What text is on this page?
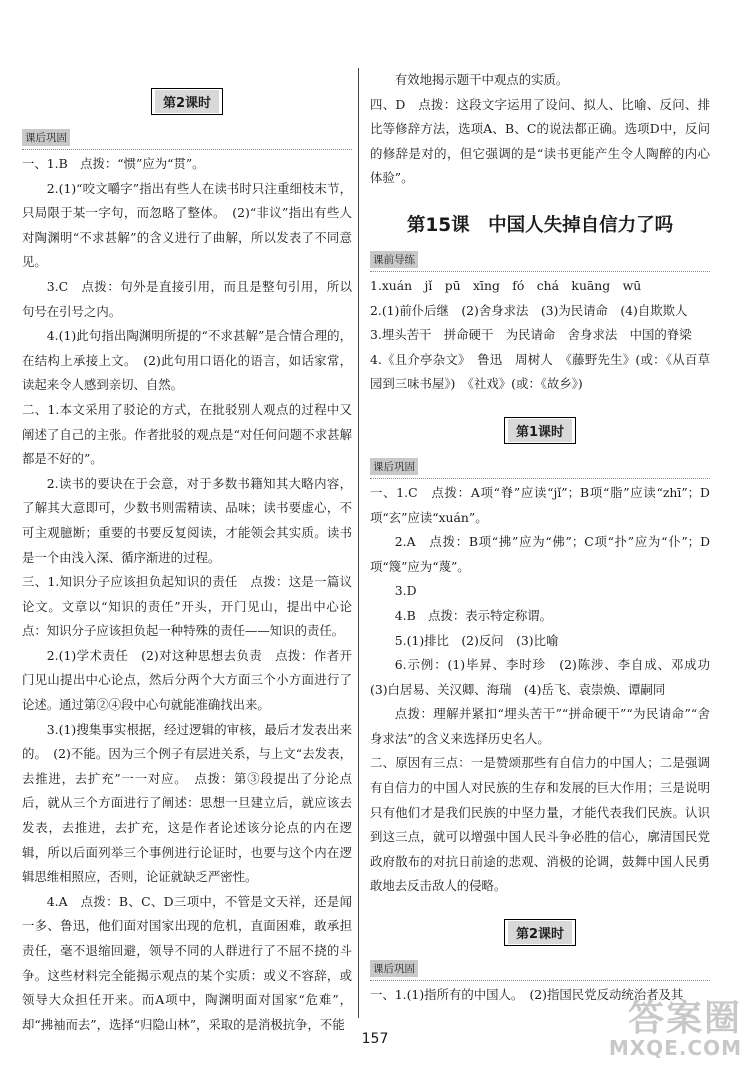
第2课时
课后巩固

一、1.B　点拨：“惯”应为“贯”。

2.(1)“咬文嚼字”指出有些人在读书时只注重细枝末节，只局限于某一字句，而忽略了整体。　(2)“非议”指出有些人对陶渊明“不求甚解”的含义进行了曲解，所以发表了不同意见。

3.C　点拨：句外是直接引用，而且是整句引用，所以句号在引号之内。

4.(1)此句指出陶渊明所提的“不求甚解”是合情合理的，在结构上承接上文。　(2)此句用口语化的语言，如话家常，读起来令人感到亲切、自然。

二、1.本文采用了驳论的方式，在批驳别人观点的过程中又阐述了自己的主张。作者批驳的观点是“对任何问题不求甚解都是不好的”。

2.读书的要诀在于会意，对于多数书籍知其大略内容，了解其大意即可，少数书则需精读、品味；读书要虚心，不可主观臆断；重要的书要反复阅读，才能领会其实质。读书是一个由浅入深、循序渐进的过程。

三、1.知识分子应该担负起知识的责任　点拨：这是一篇议论文。文章以“知识的责任”开头，开门见山，提出中心论点：知识分子应该担负起一种特殊的责任——知识的责任。

2.(1)学术责任　(2)对这种思想去负责　点拨：作者开门见山提出中心论点，然后分两个大方面三个小方面进行了论述。通过第②④段中心句就能准确找出来。

3.(1)搜集事实根据，经过逻辑的审核，最后才发表出来的。　(2)不能。因为三个例子有层进关系，与上文“去发表，去推进，去扩充”一一对应。　点拨：第③段提出了分论点后，就从三个方面进行了阐述：思想一旦建立后，就应该去发表，去推进，去扩充，这是作者论述该分论点的内在逻辑，所以后面列举三个事例进行论证时，也要与这个内在逻辑思维相照应，否则，论证就缺乏严密性。

4.A　点拨：B、C、D三项中，不管是文天祥，还是闻一多、鲁迅，他们面对国家出现的危机，直面困难，敢承担责任，毫不退缩回避，领导不同的人群进行了不屈不挠的斗争。这些材料完全能揭示观点的某个实质：或义不容辞，或领导大众担任开来。而A项中，陶渊明面对国家“危难”，却“拂袖而去”，选择“归隐山林”，采取的是消极抗争，不能

有效地揭示题干中观点的实质。

四、D　点拨：这段文字运用了设问、拟人、比喻、反问、排比等修辞方法，选项A、B、C的说法都正确。选项D中，反问的修辞是对的，但它强调的是“读书更能产生令人陶醉的内心体验”。

第15课　中国人失掉自信力了吗
课前导练

1.xuán　jǐ　pū　xīng　fó　chá　kuāng　wū

2.(1)前仆后继　(2)舍身求法　(3)为民请命　(4)自欺欺人

3.埋头苦干　拼命硬干　为民请命　舍身求法　中国的脊梁

4.《且介亭杂文》　鲁迅　周树人　《藤野先生》(或：《从百草园到三味书屋》)　《社戏》(或：《故乡》)

第1课时
课后巩固

一、1.C　点拨：A项“脊”应读“jǐ”；B项“脂”应读“zhī”；D项“玄”应读“xuán”。

2.A　点拨：B项“拂”应为“佛”；C项“扑”应为“仆”；D项“篾”应为“蔑”。

3.D

4.B　点拨：表示特定称谓。

5.(1)排比　(2)反问　(3)比喻

6.示例：(1)毕昇、李时珍　(2)陈涉、李自成、邓成功　(3)白居易、关汉卿、海瑞　(4)岳飞、袁崇焕、谭嗣同

点拨：理解并紧扣“埋头苦干”“拼命硬干”“为民请命”“舍身求法”的含义来选择历史名人。

二、原因有三点：一是赞颂那些有自信力的中国人；二是强调有自信力的中国人对民族的生存和发展的巨大作用；三是说明只有他们才是我们民族的中坚力量，才能代表我们民族。认识到这三点，就可以增强中国人民斗争必胜的信心，廓清国民党政府散布的对抗日前途的悲观、消极的论调，鼓舞中国人民勇敢地去反击敌人的侵略。

第2课时
课后巩固

一、1.(1)指所有的中国人。　(2)指国民党反动统治者及其

157	答案圈
MXQE.COM
